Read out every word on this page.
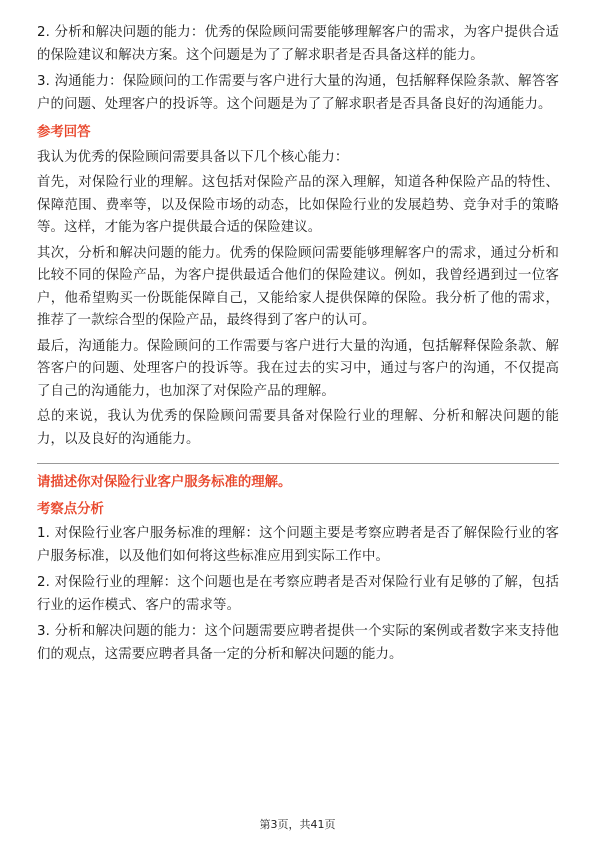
2. 分析和解决问题的能力：优秀的保险顾问需要能够理解客户的需求，为客户提供合适的保险建议和解决方案。这个问题是为了了解求职者是否具备这样的能力。

3. 沟通能力：保险顾问的工作需要与客户进行大量的沟通，包括解释保险条款、解答客户的问题、处理客户的投诉等。这个问题是为了了解求职者是否具备良好的沟通能力。

参考回答

我认为优秀的保险顾问需要具备以下几个核心能力：

首先，对保险行业的理解。这包括对保险产品的深入理解，知道各种保险产品的特性、保障范围、费率等，以及保险市场的动态，比如保险行业的发展趋势、竞争对手的策略等。这样，才能为客户提供最合适的保险建议。

其次，分析和解决问题的能力。优秀的保险顾问需要能够理解客户的需求，通过分析和比较不同的保险产品，为客户提供最适合他们的保险建议。例如，我曾经遇到过一位客户，他希望购买一份既能保障自己，又能给家人提供保障的保险。我分析了他的需求，推荐了一款综合型的保险产品，最终得到了客户的认可。

最后，沟通能力。保险顾问的工作需要与客户进行大量的沟通，包括解释保险条款、解答客户的问题、处理客户的投诉等。我在过去的实习中，通过与客户的沟通，不仅提高了自己的沟通能力，也加深了对保险产品的理解。

总的来说，我认为优秀的保险顾问需要具备对保险行业的理解、分析和解决问题的能力，以及良好的沟通能力。

请描述你对保险行业客户服务标准的理解。
考察点分析

1. 对保险行业客户服务标准的理解：这个问题主要是考察应聘者是否了解保险行业的客户服务标准，以及他们如何将这些标准应用到实际工作中。

2. 对保险行业的理解：这个问题也是在考察应聘者是否对保险行业有足够的了解，包括行业的运作模式、客户的需求等。

3. 分析和解决问题的能力：这个问题需要应聘者提供一个实际的案例或者数字来支持他们的观点，这需要应聘者具备一定的分析和解决问题的能力。

第3页，共41页
